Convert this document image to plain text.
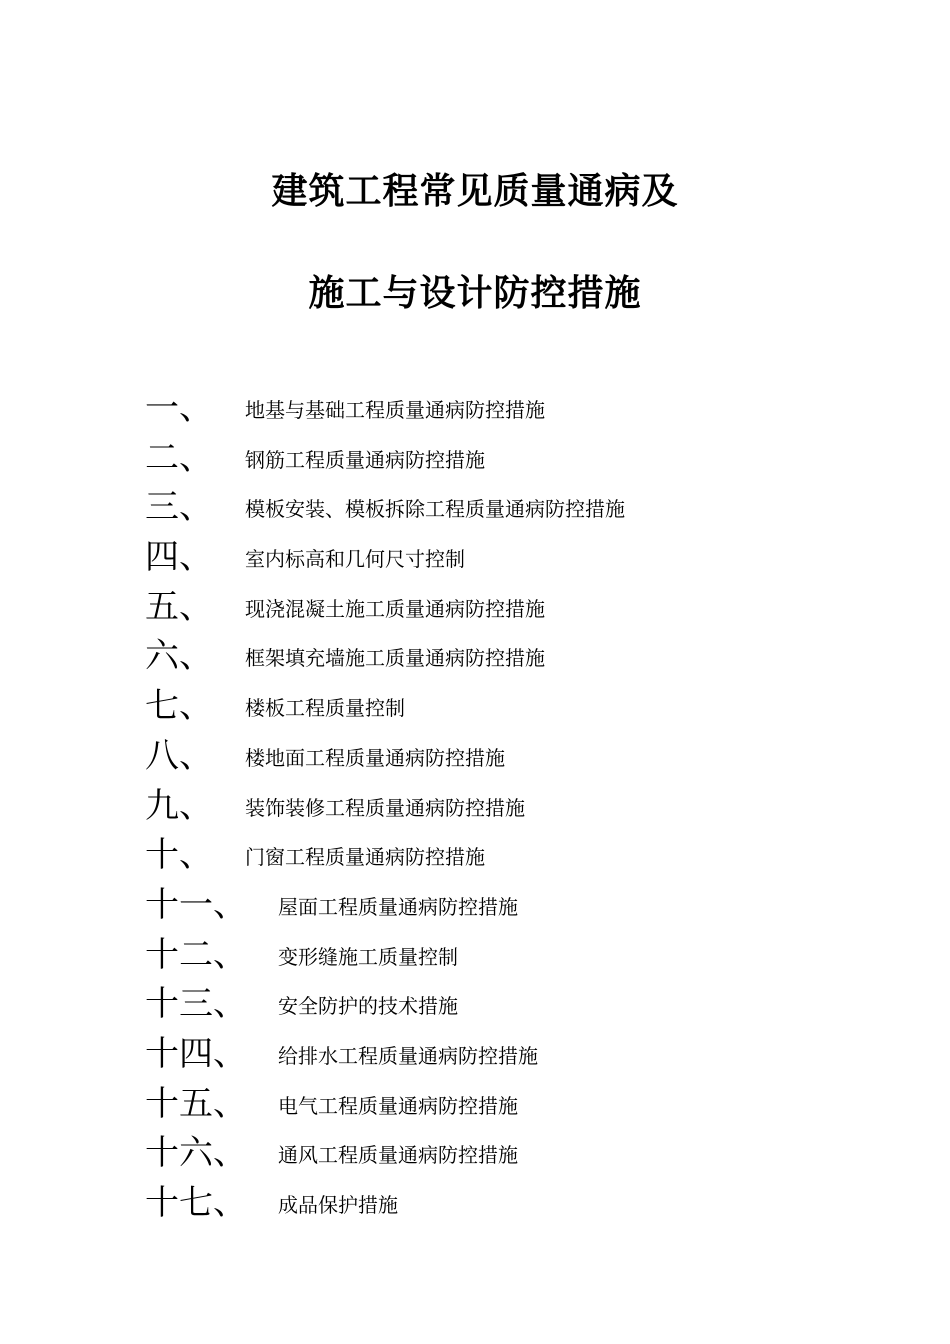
建筑工程常见质量通病及
施工与设计防控措施
一、 地基与基础工程质量通病防控措施
二、 钢筋工程质量通病防控措施
三、 模板安装、模板拆除工程质量通病防控措施
四、 室内标高和几何尺寸控制
五、 现浇混凝土施工质量通病防控措施
六、 框架填充墙施工质量通病防控措施
七、 楼板工程质量控制
八、 楼地面工程质量通病防控措施
九、 装饰装修工程质量通病防控措施
十、 门窗工程质量通病防控措施
十一、 屋面工程质量通病防控措施
十二、 变形缝施工质量控制
十三、 安全防护的技术措施
十四、 给排水工程质量通病防控措施
十五、 电气工程质量通病防控措施
十六、 通风工程质量通病防控措施
十七、 成品保护措施
